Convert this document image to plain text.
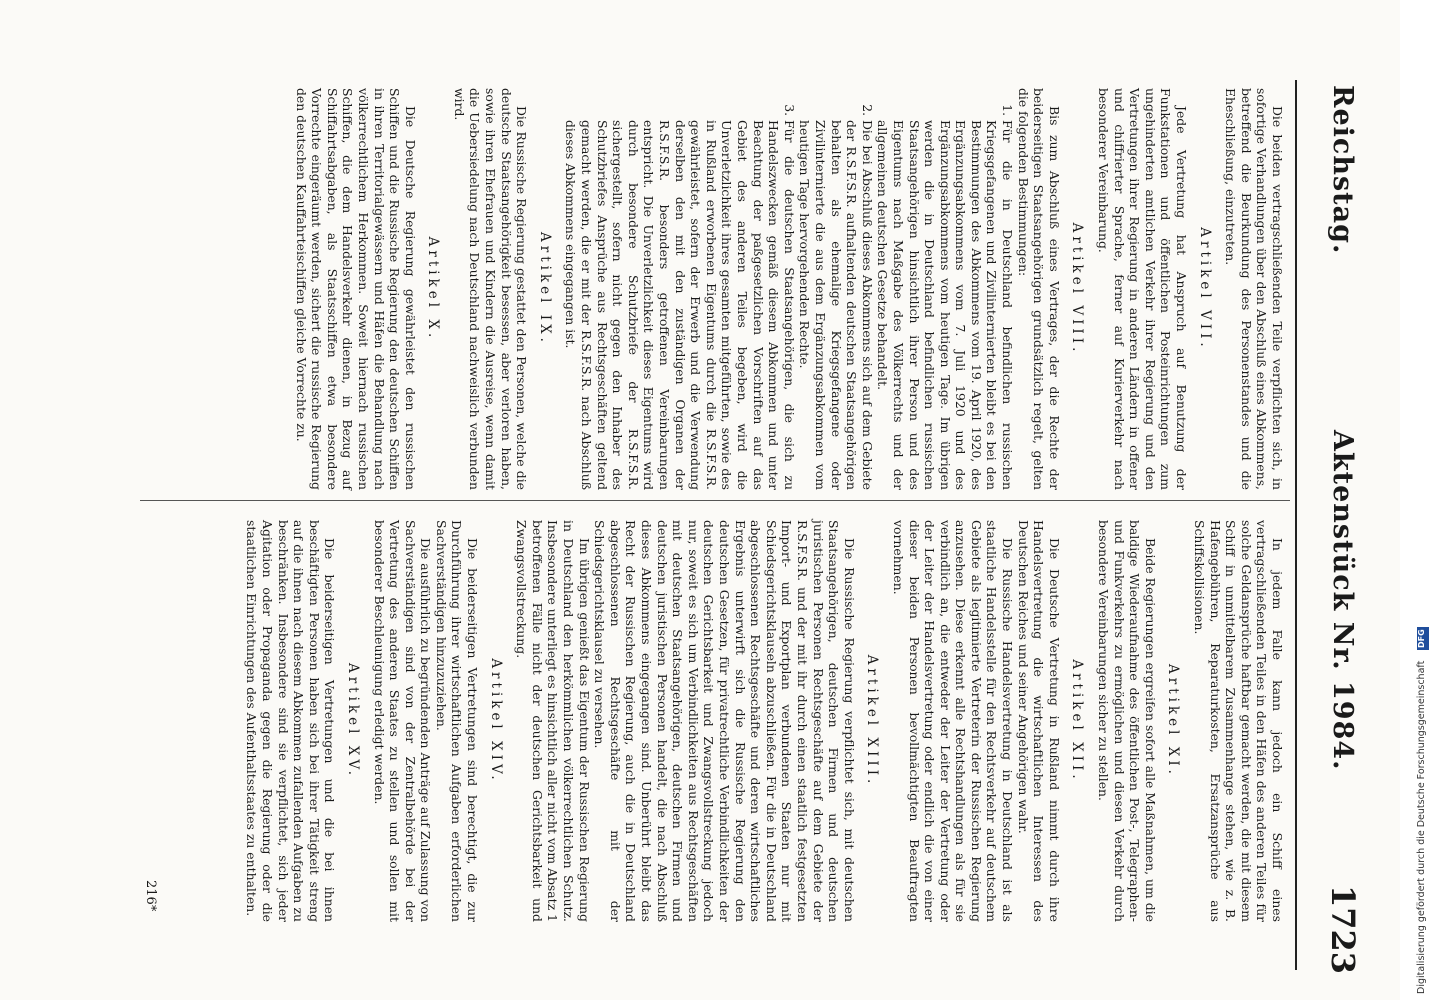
Reichstag.
Aktenstück Nr. 1984.
1723

Die beiden vertragschließenden Teile verpflichten sich, in sofortige Verhandlungen über den Abschluß eines Abkommens, betreffend die Beurkundung des Personenstandes und die Eheschließung, einzutreten.

Artikel VII.

Jede Vertretung hat Anspruch auf Benutzung der Funkstationen und öffentlichen Posteinrichtungen zum ungehinderten amtlichen Verkehr ihrer Regierung und den Vertretungen ihrer Regierung in anderen Ländern in offener und chiffrierter Sprache, ferner auf Kurierverkehr nach besonderer Vereinbarung.

Artikel VIII.

Bis zum Abschluß eines Vertrages, der die Rechte der beiderseitigen Staatsangehörigen grundsätzlich regelt, gelten die folgenden Bestimmungen:

1. Für die in Deutschland befindlichen russischen Kriegsgefangenen und Zivilinternierten bleibt es bei den Bestimmungen des Abkommens vom 19. April 1920, des Ergänzungsabkommens vom 7. Juli 1920 und des Ergänzungsabkommens vom heutigen Tage. Im übrigen werden die in Deutschland befindlichen russischen Staatsangehörigen hinsichtlich ihrer Person und des Eigentums nach Maßgabe des Völkerrechts und der allgemeinen deutschen Gesetze behandelt.
2. Die bei Abschluß dieses Abkommens sich auf dem Gebiete der R.S.F.S.R. aufhaltenden deutschen Staatsangehörigen behalten als ehemalige Kriegsgefangene oder Zivilinternierte die aus dem Ergänzungsabkommen vom heutigen Tage hervorgehenden Rechte.
3. Für die deutschen Staatsangehörigen, die sich zu Handelszwecken gemäß diesem Abkommen und unter Beachtung der paßgesetzlichen Vorschriften auf das Gebiet des anderen Teiles begeben, wird die Unverletzlichkeit ihres gesamten mitgeführten, sowie des in Rußland erworbenen Eigentums durch die R.S.F.S.R. gewährleistet, sofern der Erwerb und die Verwendung derselben den mit den zuständigen Organen der R.S.F.S.R. besonders getroffenen Vereinbarungen entspricht. Die Unverletzlichkeit dieses Eigentums wird durch besondere Schutzbriefe der R.S.F.S.R. sichergestellt, sofern nicht gegen den Inhaber des Schutzbriefes Ansprüche aus Rechtsgeschäften geltend gemacht werden, die er mit der R.S.F.S.R. nach Abschluß dieses Abkommens eingegangen ist.
Artikel IX.

Die Russische Regierung gestattet den Personen, welche die deutsche Staatsangehörigkeit besessen, aber verloren haben, sowie ihren Ehefrauen und Kindern die Ausreise, wenn damit die Uebersiedelung nach Deutschland nachweislich verbunden wird.

Artikel X.

Die Deutsche Regierung gewährleistet den russischen Schiffen und die Russische Regierung den deutschen Schiffen in ihren Territorialgewässern und Häfen die Behandlung nach völkerrechtlichem Herkommen. Soweit hiernach russischen Schiffen, die dem Handelsverkehr dienen, in Bezug auf Schiffahrtsabgaben, als Staatsschiffen etwa besondere Vorrechte eingeräumt werden, sichert die russische Regierung den deutschen Kauffahrteischiffen gleiche Vorrechte zu.

In jedem Falle kann jedoch ein Schiff eines vertragschließenden Teiles in den Häfen des anderen Teiles für solche Geldansprüche haftbar gemacht werden, die mit diesem Schiff in unmittelbarem Zusammenhange stehen, wie z. B. Hafengebühren, Reparaturkosten, Ersatzansprüche aus Schiffskollisionen.

Artikel XI.

Beide Regierungen ergreifen sofort alle Maßnahmen, um die baldige Wiederaufnahme des öffentlichen Post-, Telegraphen- und Funkverkehrs zu ermöglichen und diesen Verkehr durch besondere Vereinbarungen sicher zu stellen.

Artikel XII.

Die Deutsche Vertretung in Rußland nimmt durch ihre Handelsvertretung die wirtschaftlichen Interessen des Deutschen Reiches und seiner Angehörigen wahr.

Die Russische Handelsvertretung in Deutschland ist als staatliche Handelsstelle für den Rechtsverkehr auf deutschem Gebiete als legitimierte Vertreterin der Russischen Regierung anzusehen. Diese erkennt alle Rechtshandlungen als für sie verbindlich an, die entweder der Leiter der Vertretung oder der Leiter der Handelsvertretung oder endlich die von einer dieser beiden Personen bevollmächtigten Beauftragten vornehmen.

Artikel XIII.

Die Russische Regierung verpflichtet sich, mit deutschen Staatsangehörigen, deutschen Firmen und deutschen juristischen Personen Rechtsgeschäfte auf dem Gebiete der R.S.F.S.R. und der mit ihr durch einen staatlich festgesetzten Import- und Exportplan verbundenen Staaten nur mit Schiedsgerichtsklauseln abzuschließen. Für die in Deutschland abgeschlossenen Rechtsgeschäfte und deren wirtschaftliches Ergebnis unterwirft sich die Russische Regierung den deutschen Gesetzen, für privatrechtliche Verbindlichkeiten der deutschen Gerichtsbarkeit und Zwangsvollstreckung jedoch nur, soweit es sich um Verbindlichkeiten aus Rechtsgeschäften mit deutschen Staatsangehörigen, deutschen Firmen und deutschen juristischen Personen handelt, die nach Abschluß dieses Abkommens eingegangen sind. Unberührt bleibt das Recht der Russischen Regierung, auch die in Deutschland abgeschlossenen Rechtsgeschäfte mit der Schiedsgerichtsklausel zu versehen.

Im übrigen genießt das Eigentum der Russischen Regierung in Deutschland den herkömmlichen völkerrechtlichen Schutz. Insbesondere unterliegt es hinsichtlich aller nicht vom Absatz 1 betroffenen Fälle nicht der deutschen Gerichtsbarkeit und Zwangsvollstreckung.

Artikel XIV.

Die beiderseitigen Vertretungen sind berechtigt, die zur Durchführung ihrer wirtschaftlichen Aufgaben erforderlichen Sachverständigen hinzuzuziehen.

Die ausführlich zu begründenden Anträge auf Zulassung von Sachverständigen sind von der Zentralbehörde bei der Vertretung des anderen Staates zu stellen und sollen mit besonderer Beschleunigung erledigt werden.

Artikel XV.

Die beiderseitigen Vertretungen und die bei ihnen beschäftigten Personen haben sich bei ihrer Tätigkeit streng auf die ihnen nach diesem Abkommen zufallenden Aufgaben zu beschränken. Insbesondere sind sie verpflichtet, sich jeder Agitation oder Propaganda gegen die Regierung oder die staatlichen Einrichtungen des Aufenthaltsstaates zu enthalten.

216*	Digitalisierung gefördert durch die Deutsche Forschungsgemeinschaft DFG
